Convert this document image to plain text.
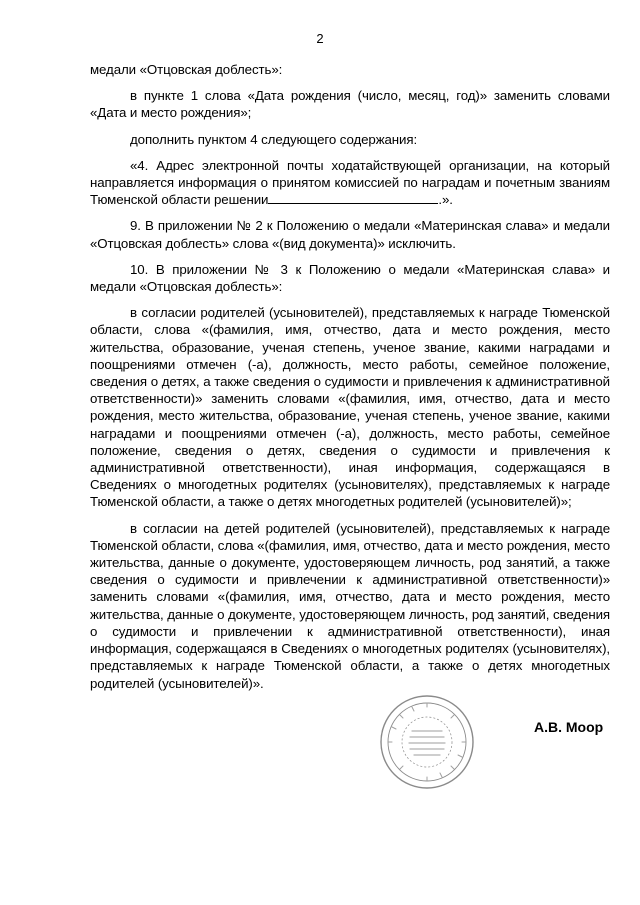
2

медали «Отцовская доблесть»:

в пункте 1 слова «Дата рождения (число, месяц, год)» заменить словами «Дата и место рождения»;

дополнить пунктом 4 следующего содержания:

«4. Адрес электронной почты ходатайствующей организации, на который направляется информация о принятом комиссией по наградам и почетным званиям Тюменской области решении	.».

9. В приложении № 2 к Положению о медали «Материнская слава» и медали «Отцовская доблесть» слова «(вид документа)» исключить.

10. В приложении № 3 к Положению о медали «Материнская слава» и медали «Отцовская доблесть»:

в согласии родителей (усыновителей), представляемых к награде Тюменской области, слова «(фамилия, имя, отчество, дата и место рождения, место жительства, образование, ученая степень, ученое звание, какими наградами и поощрениями отмечен (-а), должность, место работы, семейное положение, сведения о детях, а также сведения о судимости и привлечения к административной ответственности)» заменить словами «(фамилия, имя, отчество, дата и место рождения, место жительства, образование, ученая степень, ученое звание, какими наградами и поощрениями отмечен (-а), должность, место работы, семейное положение, сведения о детях, сведения о судимости и привлечения к административной ответственности), иная информация, содержащаяся в Сведениях о многодетных родителях (усыновителях), представляемых к награде Тюменской области, а также о детях многодетных родителей (усыновителей)»;

в согласии на детей родителей (усыновителей), представляемых к награде Тюменской области, слова «(фамилия, имя, отчество, дата и место рождения, место жительства, данные о документе, удостоверяющем личность, род занятий, а также сведения о судимости и привлечении к административной ответственности)» заменить словами «(фамилия, имя, отчество, дата и место рождения, место жительства, данные о документе, удостоверяющем личность, род занятий, сведения о судимости и привлечении к административной ответственности), иная информация, содержащаяся в Сведениях о многодетных родителях (усыновителях), представляемых к награде Тюменской области, а также о детях многодетных родителей (усыновителей)».

А.В. Моор
